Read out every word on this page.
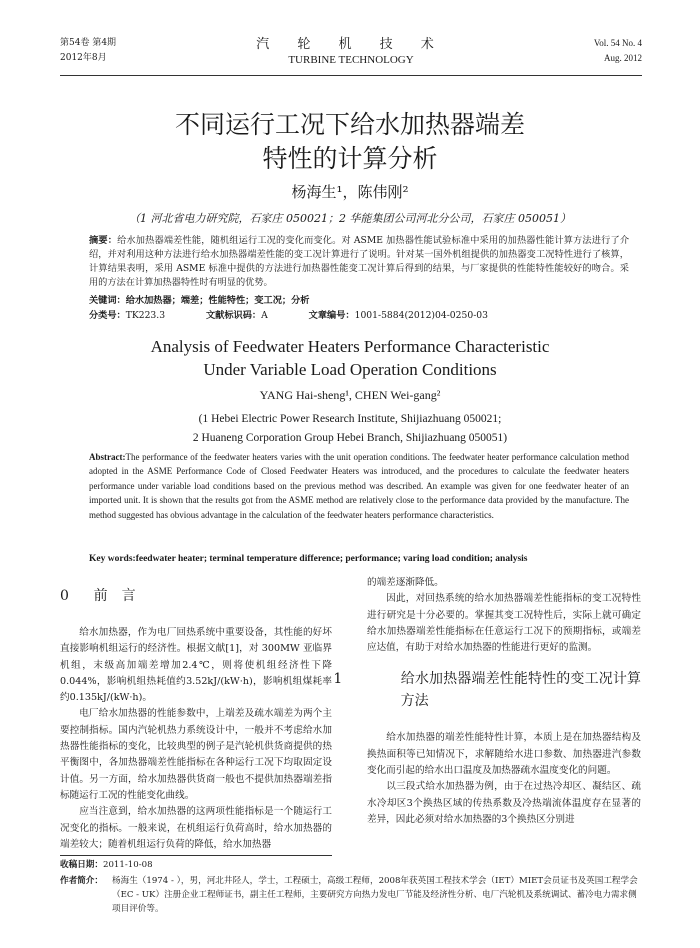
第54卷 第4期
2012年8月
汽 轮 机 技 术
TURBINE TECHNOLOGY
Vol. 54 No. 4
Aug. 2012
不同运行工况下给水加热器端差
特性的计算分析
杨海生¹，陈伟刚²
（1 河北省电力研究院，石家庄 050021；2 华能集团公司河北分公司，石家庄 050051）
摘要：给水加热器端差性能，随机组运行工况的变化而变化。对 ASME 加热器性能试验标准中采用的加热器性能计算方法进行了介绍，并对利用这种方法进行给水加热器端差性能的变工况计算进行了说明。针对某一国外机组提供的加热器变工况特性进行了核算，计算结果表明，采用 ASME 标准中提供的方法进行加热器性能变工况计算后得到的结果，与厂家提供的性能特性能较好的吻合。采用的方法在计算加热器特性时有明显的优势。
关键词：给水加热器；端差；性能特性；变工况；分析
分类号：TK223.3	文献标识码：A	文章编号：1001-5884(2012)04-0250-03
Analysis of Feedwater Heaters Performance Characteristic
Under Variable Load Operation Conditions
YANG Hai-sheng¹, CHEN Wei-gang²
(1 Hebei Electric Power Research Institute, Shijiazhuang 050021;
2 Huaneng Corporation Group Hebei Branch, Shijiazhuang 050051)
Abstract:The performance of the feedwater heaters varies with the unit operation conditions. The feedwater heater performance calculation method adopted in the ASME Performance Code of Closed Feedwater Heaters was introduced, and the procedures to calculate the feedwater heaters performance under variable load conditions based on the previous method was described. An example was given for one feedwater heater of an imported unit. It is shown that the results got from the ASME method are relatively close to the performance data provided by the manufacture. The method suggested has obvious advantage in the calculation of the feedwater heaters performance characteristics.
Key words:feedwater heater; terminal temperature difference; performance; varing load condition; analysis
0 前　言

给水加热器，作为电厂回热系统中重要设备，其性能的好坏直接影响机组运行的经济性。根据文献[1]，对 300MW 亚临界机组，末级高加端差增加2.4℃，则将使机组经济性下降0.044%，影响机组热耗值约3.52kJ/(kW·h)，影响机组煤耗率约0.135kJ/(kW·h)。

电厂给水加热器的性能参数中，上端差及疏水端差为两个主要控制指标。国内汽轮机热力系统设计中，一般并不考虑给水加热器性能指标的变化，比较典型的例子是汽轮机供货商提供的热平衡图中，各加热器端差性能指标在各种运行工况下均取固定设计值。另一方面，给水加热器供货商一般也不提供加热器端差指标随运行工况的性能变化曲线。

应当注意到，给水加热器的这两项性能指标是一个随运行工况变化的指标。一般来说，在机组运行负荷高时，给水加热器的端差较大；随着机组运行负荷的降低，给水加热器

的端差逐渐降低。

因此，对回热系统的给水加热器端差性能指标的变工况特性进行研究是十分必要的。掌握其变工况特性后，实际上就可确定给水加热器端差性能指标在任意运行工况下的预期指标，或端差应达值，有助于对给水加热器的性能进行更好的监测。

1	给水加热器端差性能特性的变工况计算方法

给水加热器的端差性能特性计算，本质上是在加热器结构及换热面积等已知情况下，求解随给水进口参数、加热器进汽参数变化而引起的给水出口温度及加热器疏水温度变化的问题。

以三段式给水加热器为例，由于在过热冷却区、凝结区、疏水冷却区3个换热区域的传热系数及冷热端流体温度存在显著的差异，因此必须对给水加热器的3个换热区分别进

收稿日期：2011-10-08
作者简介： 杨海生（1974 - ），男，河北井陉人，学士，工程硕士，高级工程师，2008年获英国工程技术学会（IET）MIET会员证书及英国工程学会（EC - UK）注册企业工程师证书，副主任工程师，主要研究方向热力发电厂节能及经济性分析、电厂汽轮机及系统调试、蓄冷电力需求侧项目评价等。
